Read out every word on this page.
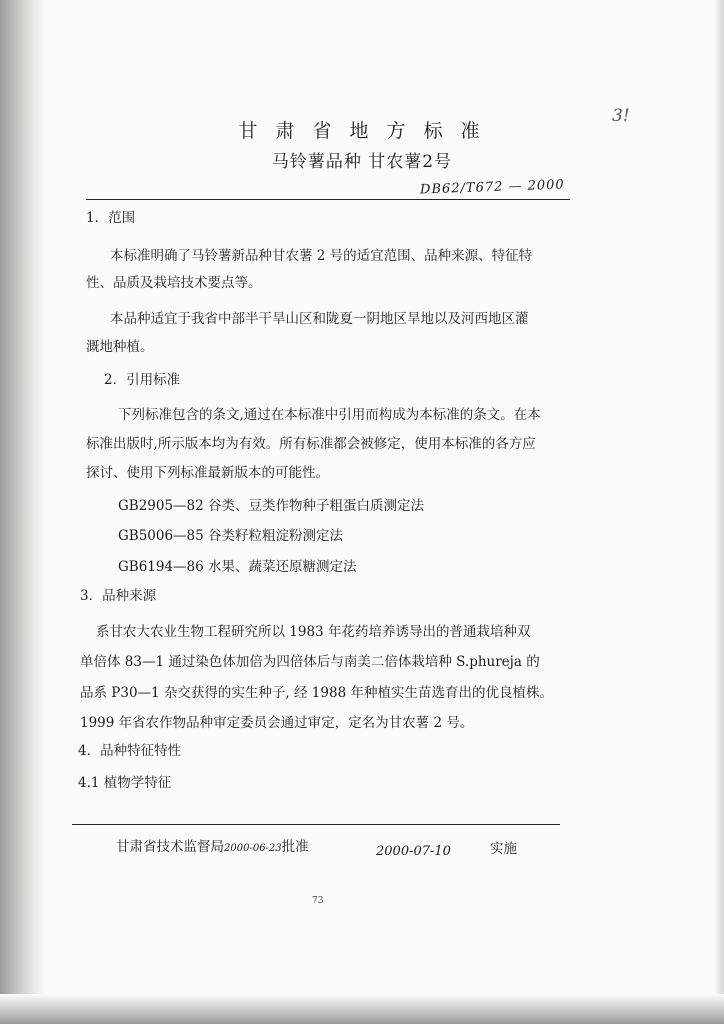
3!
甘 肃 省 地 方 标 准
马铃薯品种 甘农薯2号
DB62/T672 — 2000
1．范围
本标准明确了马铃薯新品种甘农薯 2 号的适宜范围、品种来源、特征特
性、品质及栽培技术要点等。
本品种适宜于我省中部半干旱山区和陇夏一阴地区旱地以及河西地区灌
溉地种植。
2．引用标准
下列标准包含的条文,通过在本标准中引用而构成为本标准的条文。在本
标准出版时,所示版本均为有效。所有标准都会被修定，使用本标准的各方应
探讨、使用下列标准最新版本的可能性。
GB2905—82 谷类、豆类作物种子粗蛋白质测定法
GB5006—85 谷类籽粒粗淀粉测定法
GB6194—86 水果、蔬菜还原糖测定法
3．品种来源
系甘农大农业生物工程研究所以 1983 年花药培养诱导出的普通栽培种双
单倍体 83—1 通过染色体加倍为四倍体后与南美二倍体栽培种 S.phureja 的
品系 P30—1 杂交获得的实生种子, 经 1988 年种植实生苗选育出的优良植株。
1999 年省农作物品种审定委员会通过审定，定名为甘农薯 2 号。
4．品种特征特性
4.1 植物学特征
甘肃省技术监督局2000-06-23批准	2000-07-10	实施
73
